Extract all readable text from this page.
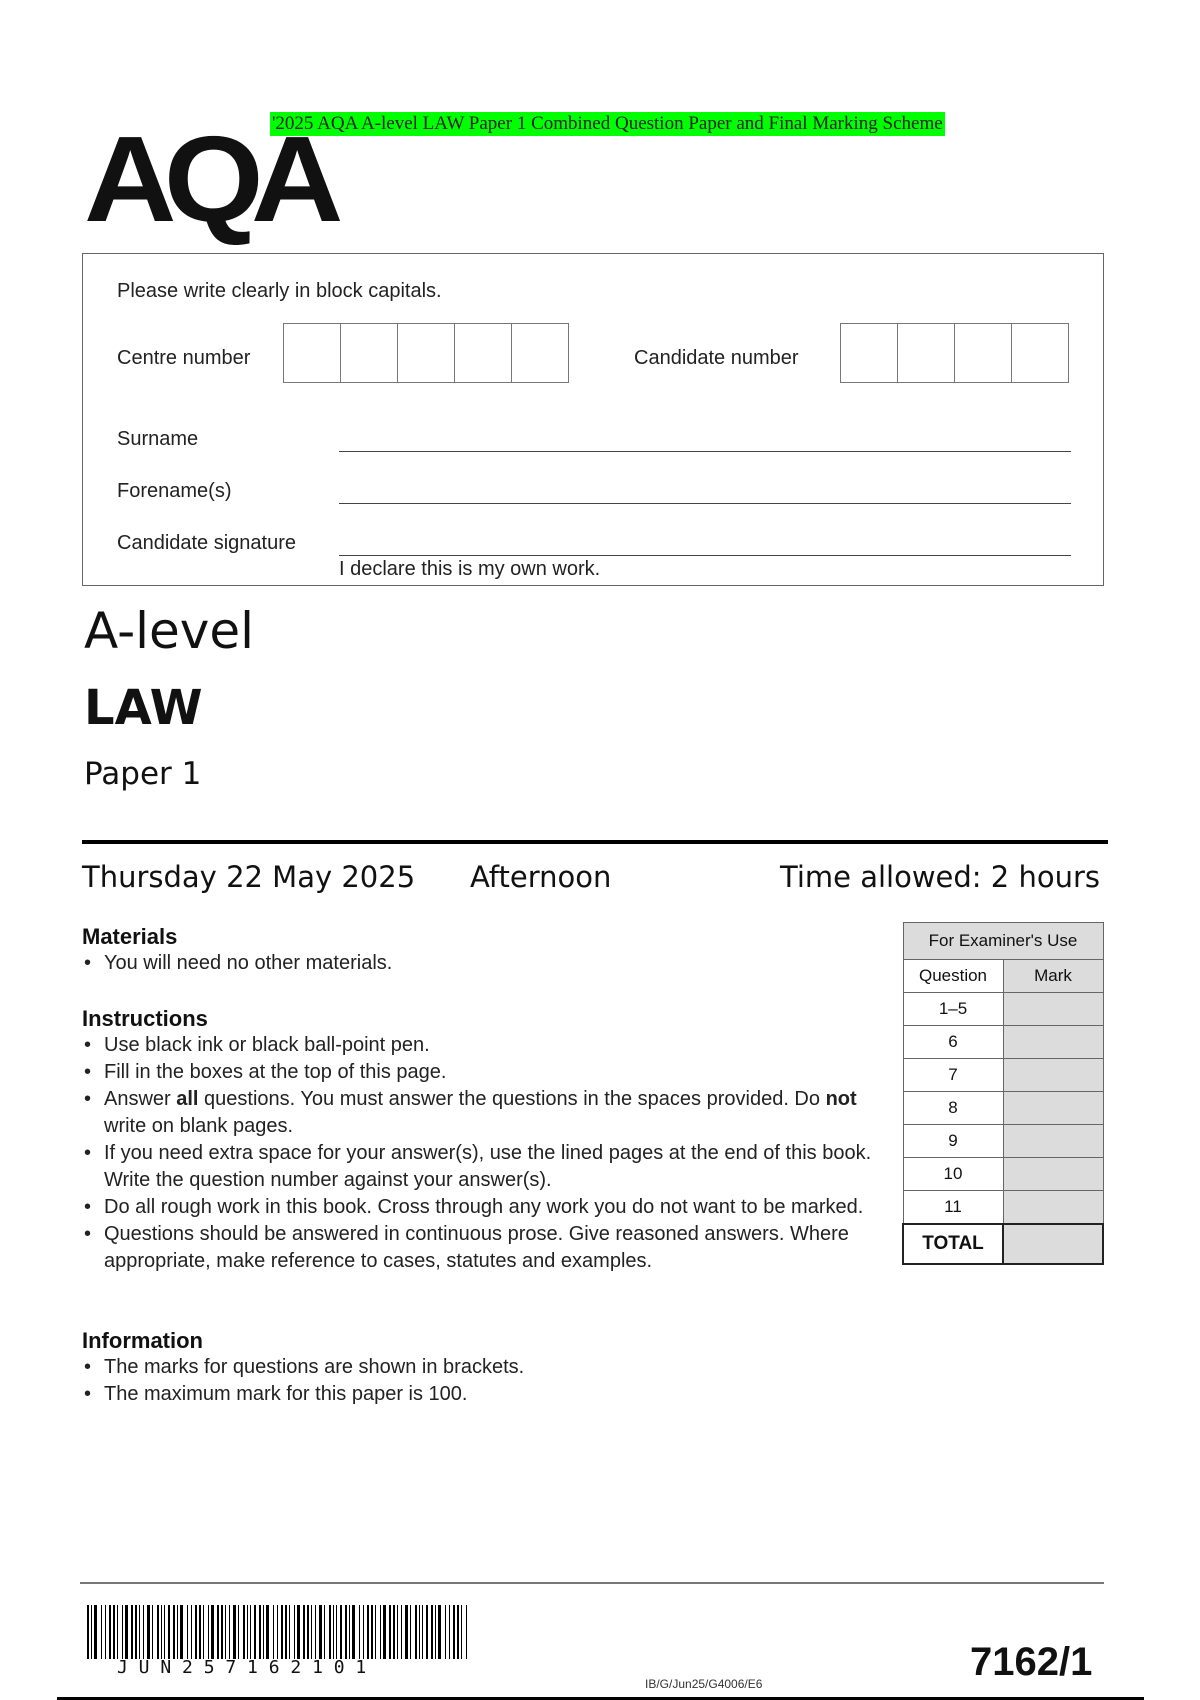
'2025 AQA A-level LAW Paper 1 Combined Question Paper and Final Marking Scheme
AQA
Please write clearly in block capitals.
Centre number	Candidate number
Surname
Forename(s)
Candidate signature
I declare this is my own work.
A-level
LAW
Paper 1
Thursday 22 May 2025 Afternoon	Time allowed: 2 hours
Materials
• You will need no other materials.
Instructions
• Use black ink or black ball-point pen.
• Fill in the boxes at the top of this page.
• Answer all questions. You must answer the questions in the spaces provided. Do not write on blank pages.
• If you need extra space for your answer(s), use the lined pages at the end of this book. Write the question number against your answer(s).
• Do all rough work in this book. Cross through any work you do not want to be marked.
• Questions should be answered in continuous prose. Give reasoned answers. Where appropriate, make reference to cases, statutes and examples.
Information
• The marks for questions are shown in brackets.
• The maximum mark for this paper is 100.
For Examiner's Use	
Question	Mark
1–5	
6	
7	
8	
9	
10	
11	
TOTAL	
J U N 2 5 7 1 6 2 1 0 1
IB/G/Jun25/G4006/E6	7162/1
